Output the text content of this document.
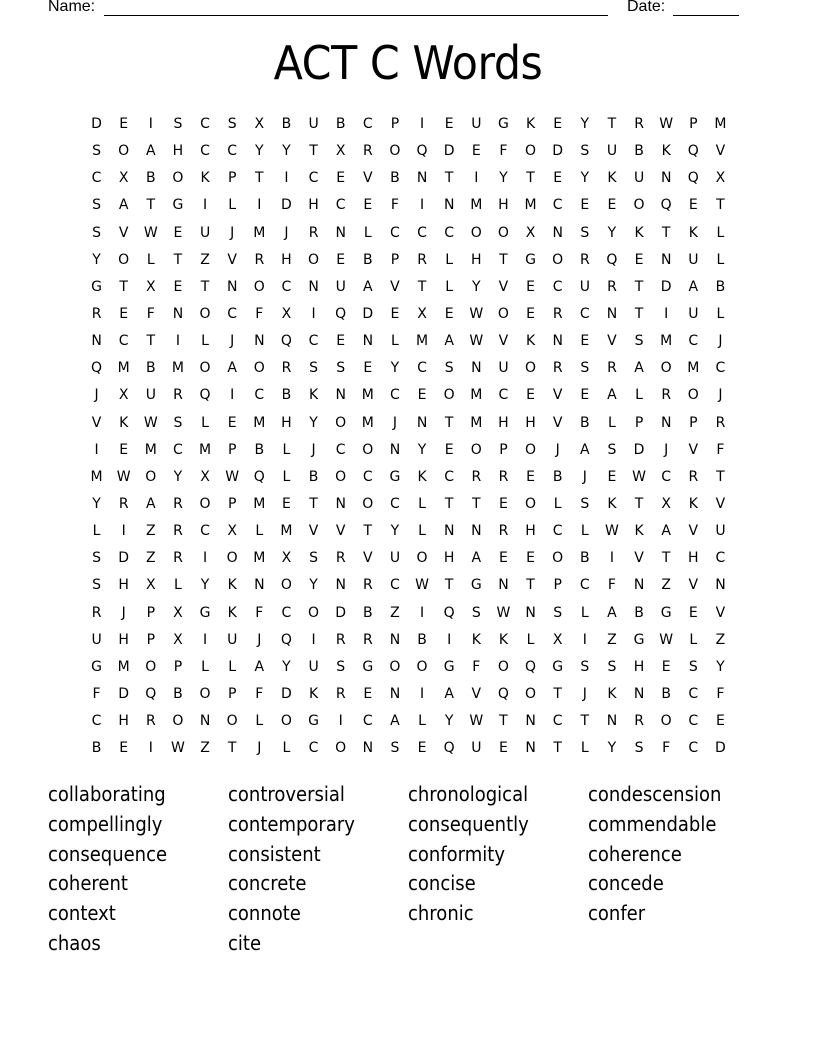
Name:	Date:
ACT C Words
D	E	I	S	C	S	X	B	U	B	C	P	I	E	U	G	K	E	Y	T	R	W	P	M
S	O	A	H	C	C	Y	Y	T	X	R	O	Q	D	E	F	O	D	S	U	B	K	Q	V
C	X	B	O	K	P	T	I	C	E	V	B	N	T	I	Y	T	E	Y	K	U	N	Q	X
S	A	T	G	I	L	I	D	H	C	E	F	I	N	M	H	M	C	E	E	O	Q	E	T
S	V	W	E	U	J	M	J	R	N	L	C	C	C	O	O	X	N	S	Y	K	T	K	L
Y	O	L	T	Z	V	R	H	O	E	B	P	R	L	H	T	G	O	R	Q	E	N	U	L
G	T	X	E	T	N	O	C	N	U	A	V	T	L	Y	V	E	C	U	R	T	D	A	B
R	E	F	N	O	C	F	X	I	Q	D	E	X	E	W	O	E	R	C	N	T	I	U	L
N	C	T	I	L	J	N	Q	C	E	N	L	M	A	W	V	K	N	E	V	S	M	C	J
Q	M	B	M	O	A	O	R	S	S	E	Y	C	S	N	U	O	R	S	R	A	O	M	C
J	X	U	R	Q	I	C	B	K	N	M	C	E	O	M	C	E	V	E	A	L	R	O	J
V	K	W	S	L	E	M	H	Y	O	M	J	N	T	M	H	H	V	B	L	P	N	P	R
I	E	M	C	M	P	B	L	J	C	O	N	Y	E	O	P	O	J	A	S	D	J	V	F
M	W	O	Y	X	W	Q	L	B	O	C	G	K	C	R	R	E	B	J	E	W	C	R	T
Y	R	A	R	O	P	M	E	T	N	O	C	L	T	T	E	O	L	S	K	T	X	K	V
L	I	Z	R	C	X	L	M	V	V	T	Y	L	N	N	R	H	C	L	W	K	A	V	U
S	D	Z	R	I	O	M	X	S	R	V	U	O	H	A	E	E	O	B	I	V	T	H	C
S	H	X	L	Y	K	N	O	Y	N	R	C	W	T	G	N	T	P	C	F	N	Z	V	N
R	J	P	X	G	K	F	C	O	D	B	Z	I	Q	S	W	N	S	L	A	B	G	E	V
U	H	P	X	I	U	J	Q	I	R	R	N	B	I	K	K	L	X	I	Z	G	W	L	Z
G	M	O	P	L	L	A	Y	U	S	G	O	O	G	F	O	Q	G	S	S	H	E	S	Y
F	D	Q	B	O	P	F	D	K	R	E	N	I	A	V	Q	O	T	J	K	N	B	C	F
C	H	R	O	N	O	L	O	G	I	C	A	L	Y	W	T	N	C	T	N	R	O	C	E
B	E	I	W	Z	T	J	L	C	O	N	S	E	Q	U	E	N	T	L	Y	S	F	C	D
collaborating
compellingly
consequence
coherent
context
chaos
controversial
contemporary
consistent
concrete
connote
cite
chronological
consequently
conformity
concise
chronic
condescension
commendable
coherence
concede
confer
